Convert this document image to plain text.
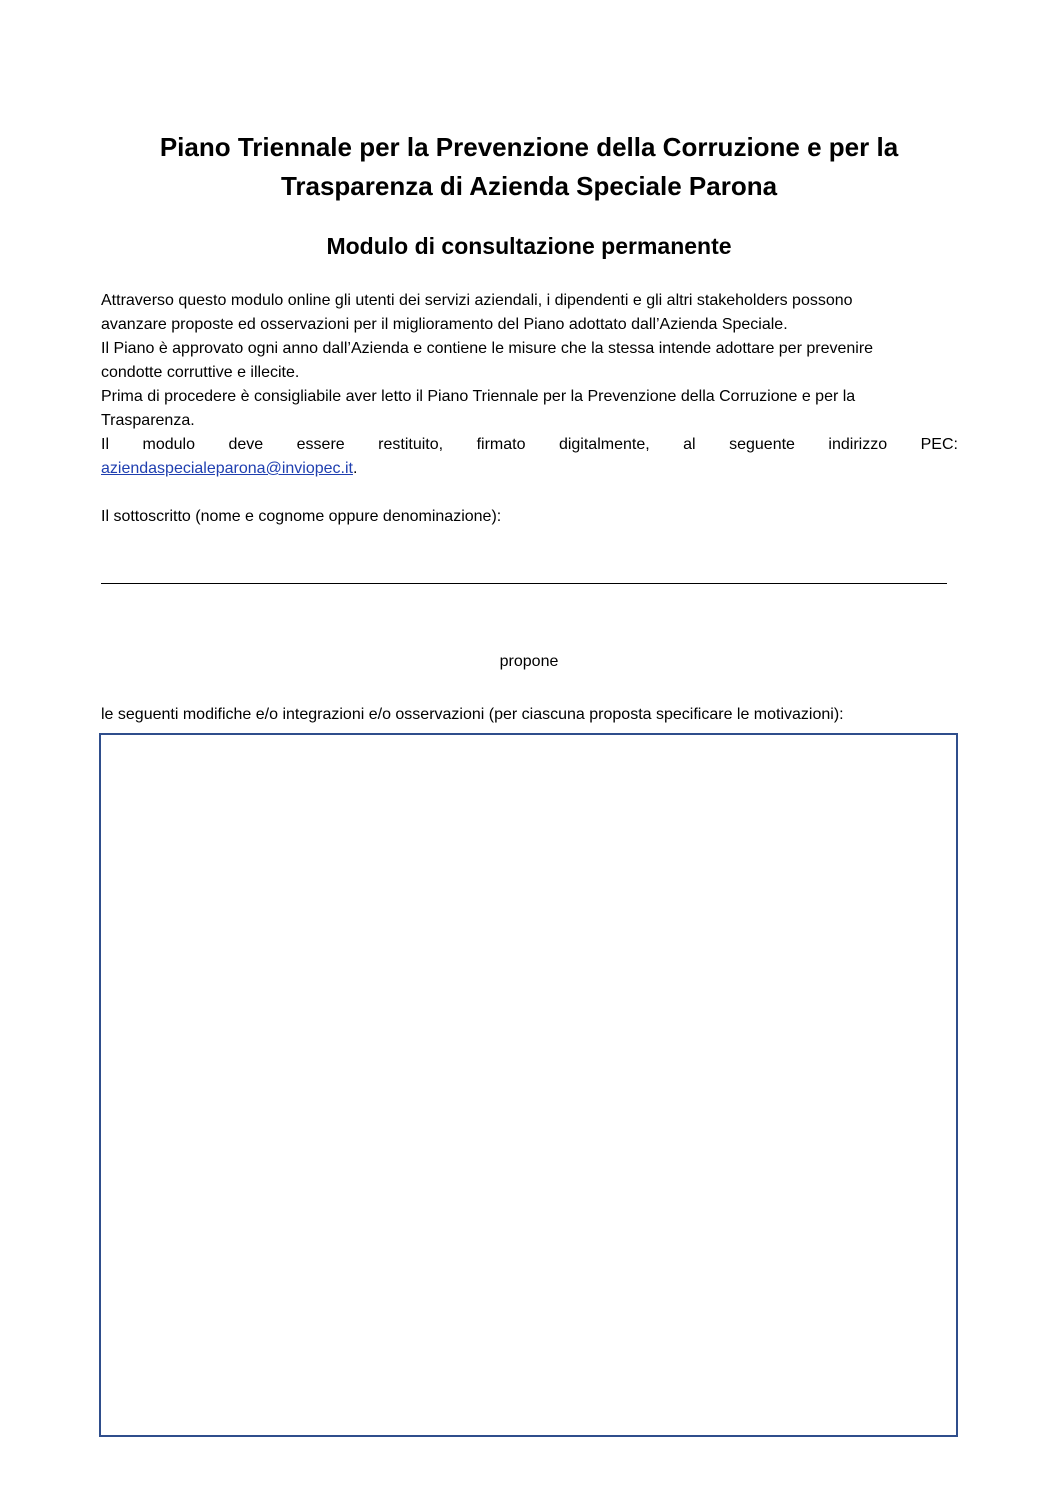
Piano Triennale per la Prevenzione della Corruzione e per la
Trasparenza di Azienda Speciale Parona
Modulo di consultazione permanente
Attraverso questo modulo online gli utenti dei servizi aziendali, i dipendenti e gli altri stakeholders possono
avanzare proposte ed osservazioni per il miglioramento del Piano adottato dall’Azienda Speciale.
Il Piano è approvato ogni anno dall’Azienda e contiene le misure che la stessa intende adottare per prevenire
condotte corruttive e illecite.
Prima di procedere è consigliabile aver letto il Piano Triennale per la Prevenzione della Corruzione e per la
Trasparenza.
Il modulo deve essere restituito, firmato digitalmente, al seguente indirizzo PEC:
aziendaspecialeparona@inviopec.it.
Il sottoscritto (nome e cognome oppure denominazione):
propone
le seguenti modifiche e/o integrazioni e/o osservazioni (per ciascuna proposta specificare le motivazioni):
